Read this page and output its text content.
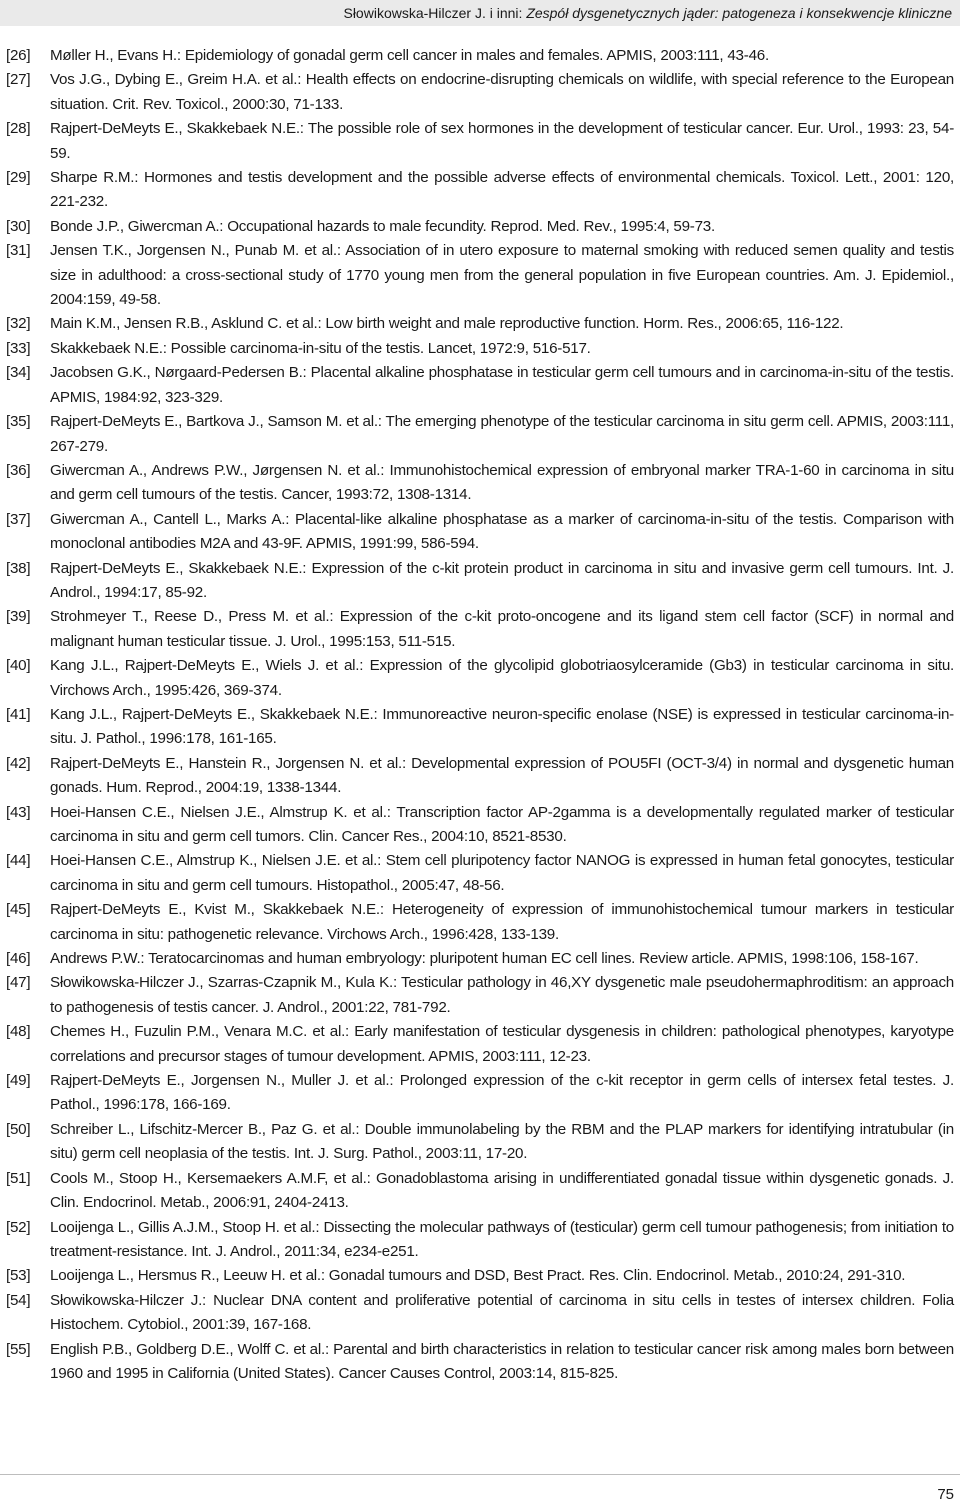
Słowikowska-Hilczer J. i inni: Zespół dysgenetycznych jąder: patogeneza i konsekwencje kliniczne
[26]	Møller H., Evans H.: Epidemiology of gonadal germ cell cancer in males and females. APMIS, 2003:111, 43-46.
[27]	Vos J.G., Dybing E., Greim H.A. et al.: Health effects on endocrine-disrupting chemicals on wildlife, with special reference to the European situation. Crit. Rev. Toxicol., 2000:30, 71-133.
[28]	Rajpert-DeMeyts E., Skakkebaek N.E.: The possible role of sex hormones in the development of testicular cancer. Eur. Urol., 1993: 23, 54-59.
[29]	Sharpe R.M.: Hormones and testis development and the possible adverse effects of environmental chemicals. Toxicol. Lett., 2001: 120, 221-232.
[30]	Bonde J.P., Giwercman A.: Occupational hazards to male fecundity. Reprod. Med. Rev., 1995:4, 59-73.
[31]	Jensen T.K., Jorgensen N., Punab M. et al.: Association of in utero exposure to maternal smoking with reduced semen quality and testis size in adulthood: a cross-sectional study of 1770 young men from the general population in five European countries. Am. J. Epidemiol., 2004:159, 49-58.
[32]	Main K.M., Jensen R.B., Asklund C. et al.: Low birth weight and male reproductive function. Horm. Res., 2006:65, 116-122.
[33]	Skakkebaek N.E.: Possible carcinoma-in-situ of the testis. Lancet, 1972:9, 516-517.
[34]	Jacobsen G.K., Nørgaard-Pedersen B.: Placental alkaline phosphatase in testicular germ cell tumours and in carcinoma-in-situ of the testis. APMIS, 1984:92, 323-329.
[35]	Rajpert-DeMeyts E., Bartkova J., Samson M. et al.: The emerging phenotype of the testicular carcinoma in situ germ cell. APMIS, 2003:111, 267-279.
[36]	Giwercman A., Andrews P.W., Jørgensen N. et al.: Immunohistochemical expression of embryonal marker TRA-1-60 in carcinoma in situ and germ cell tumours of the testis. Cancer, 1993:72, 1308-1314.
[37]	Giwercman A., Cantell L., Marks A.: Placental-like alkaline phosphatase as a marker of carcinoma-in-situ of the testis. Comparison with monoclonal antibodies M2A and 43-9F. APMIS, 1991:99, 586-594.
[38]	Rajpert-DeMeyts E., Skakkebaek N.E.: Expression of the c-kit protein product in carcinoma in situ and invasive germ cell tumours. Int. J. Androl., 1994:17, 85-92.
[39]	Strohmeyer T., Reese D., Press M. et al.: Expression of the c-kit proto-oncogene and its ligand stem cell factor (SCF) in normal and malignant human testicular tissue. J. Urol., 1995:153, 511-515.
[40]	Kang J.L., Rajpert-DeMeyts E., Wiels J. et al.: Expression of the glycolipid globotriaosylceramide (Gb3) in testicular carcinoma in situ. Virchows Arch., 1995:426, 369-374.
[41]	Kang J.L., Rajpert-DeMeyts E., Skakkebaek N.E.: Immunoreactive neuron-specific enolase (NSE) is expressed in testicular carcinoma-in-situ. J. Pathol., 1996:178, 161-165.
[42]	Rajpert-DeMeyts E., Hanstein R., Jorgensen N. et al.: Developmental expression of POU5FI (OCT-3/4) in normal and dysgenetic human gonads. Hum. Reprod., 2004:19, 1338-1344.
[43]	Hoei-Hansen C.E., Nielsen J.E., Almstrup K. et al.: Transcription factor AP-2gamma is a developmentally regulated marker of testicular carcinoma in situ and germ cell tumors. Clin. Cancer Res., 2004:10, 8521-8530.
[44]	Hoei-Hansen C.E., Almstrup K., Nielsen J.E. et al.: Stem cell pluripotency factor NANOG is expressed in human fetal gonocytes, testicular carcinoma in situ and germ cell tumours. Histopathol., 2005:47, 48-56.
[45]	Rajpert-DeMeyts E., Kvist M., Skakkebaek N.E.: Heterogeneity of expression of immunohistochemical tumour markers in testicular carcinoma in situ: pathogenetic relevance. Virchows Arch., 1996:428, 133-139.
[46]	Andrews P.W.: Teratocarcinomas and human embryology: pluripotent human EC cell lines. Review article. APMIS, 1998:106, 158-167.
[47]	Słowikowska-Hilczer J., Szarras-Czapnik M., Kula K.: Testicular pathology in 46,XY dysgenetic male pseudohermaphroditism: an approach to pathogenesis of testis cancer. J. Androl., 2001:22, 781-792.
[48]	Chemes H., Fuzulin P.M., Venara M.C. et al.: Early manifestation of testicular dysgenesis in children: pathological phenotypes, karyotype correlations and precursor stages of tumour development. APMIS, 2003:111, 12-23.
[49]	Rajpert-DeMeyts E., Jorgensen N., Muller J. et al.: Prolonged expression of the c-kit receptor in germ cells of intersex fetal testes. J. Pathol., 1996:178, 166-169.
[50]	Schreiber L., Lifschitz-Mercer B., Paz G. et al.: Double immunolabeling by the RBM and the PLAP markers for identifying intratubular (in situ) germ cell neoplasia of the testis. Int. J. Surg. Pathol., 2003:11, 17-20.
[51]	Cools M., Stoop H., Kersemaekers A.M.F, et al.: Gonadoblastoma arising in undifferentiated gonadal tissue within dysgenetic gonads. J. Clin. Endocrinol. Metab., 2006:91, 2404-2413.
[52]	Looijenga L., Gillis A.J.M., Stoop H. et al.: Dissecting the molecular pathways of (testicular) germ cell tumour pathogenesis; from initiation to treatment-resistance. Int. J. Androl., 2011:34, e234-e251.
[53]	Looijenga L., Hersmus R., Leeuw H. et al.: Gonadal tumours and DSD, Best Pract. Res. Clin. Endocrinol. Metab., 2010:24, 291-310.
[54]	Słowikowska-Hilczer J.: Nuclear DNA content and proliferative potential of carcinoma in situ cells in testes of intersex children. Folia Histochem. Cytobiol., 2001:39, 167-168.
[55]	English P.B., Goldberg D.E., Wolff C. et al.: Parental and birth characteristics in relation to testicular cancer risk among males born between 1960 and 1995 in California (United States). Cancer Causes Control, 2003:14, 815-825.
75
